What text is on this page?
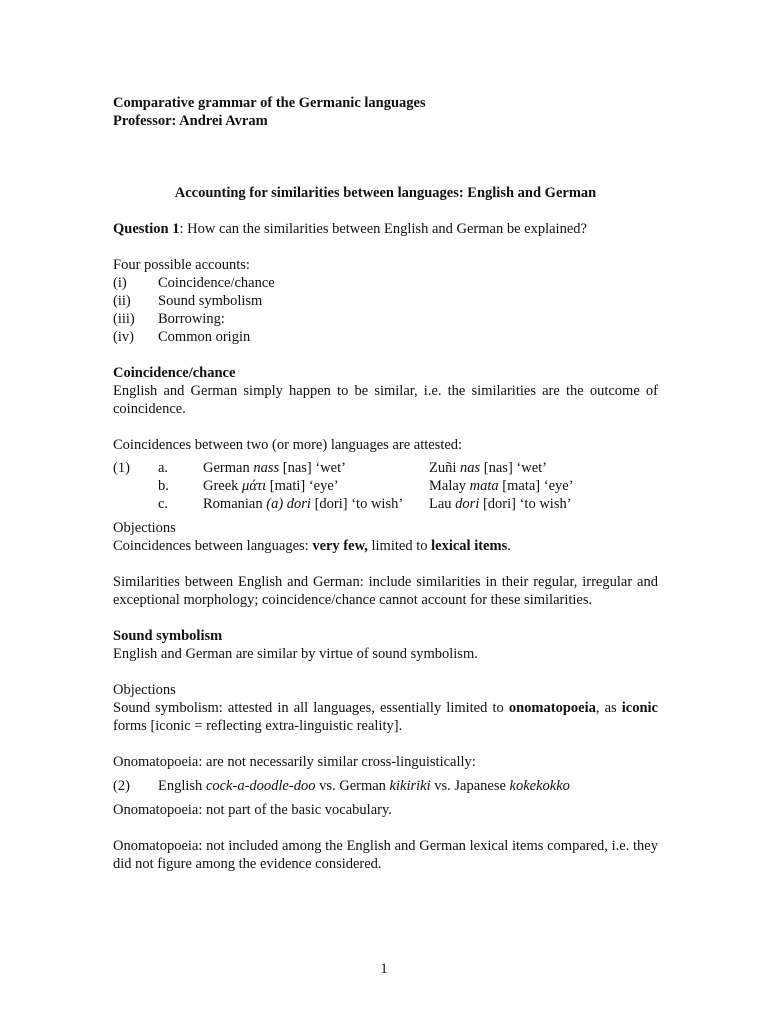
Comparative grammar of the Germanic languages
Professor: Andrei Avram
Accounting for similarities between languages: English and German
Question 1: How can the similarities between English and German be explained?
Four possible accounts:
(i) Coincidence/chance
(ii) Sound symbolism
(iii) Borrowing:
(iv) Common origin
Coincidence/chance
English and German simply happen to be similar, i.e. the similarities are the outcome of coincidence.
Coincidences between two (or more) languages are attested:
(1) a. German nass [nas] ‘wet’	Zuñi nas [nas] ‘wet’
b. Greek μάτι [mati] ‘eye’	Malay mata [mata] ‘eye’
c. Romanian (a) dori [dori] ‘to wish’ Lau dori [dori] ‘to wish’
Objections
Coincidences between languages: very few, limited to lexical items.
Similarities between English and German: include similarities in their regular, irregular and exceptional morphology; coincidence/chance cannot account for these similarities.
Sound symbolism
English and German are similar by virtue of sound symbolism.
Objections
Sound symbolism: attested in all languages, essentially limited to onomatopoeia, as iconic forms [iconic = reflecting extra-linguistic reality].
Onomatopoeia: are not necessarily similar cross-linguistically:
(2) English cock-a-doodle-doo vs. German kikiriki vs. Japanese kokekokko
Onomatopoeia: not part of the basic vocabulary.
Onomatopoeia: not included among the English and German lexical items compared, i.e. they did not figure among the evidence considered.
1
